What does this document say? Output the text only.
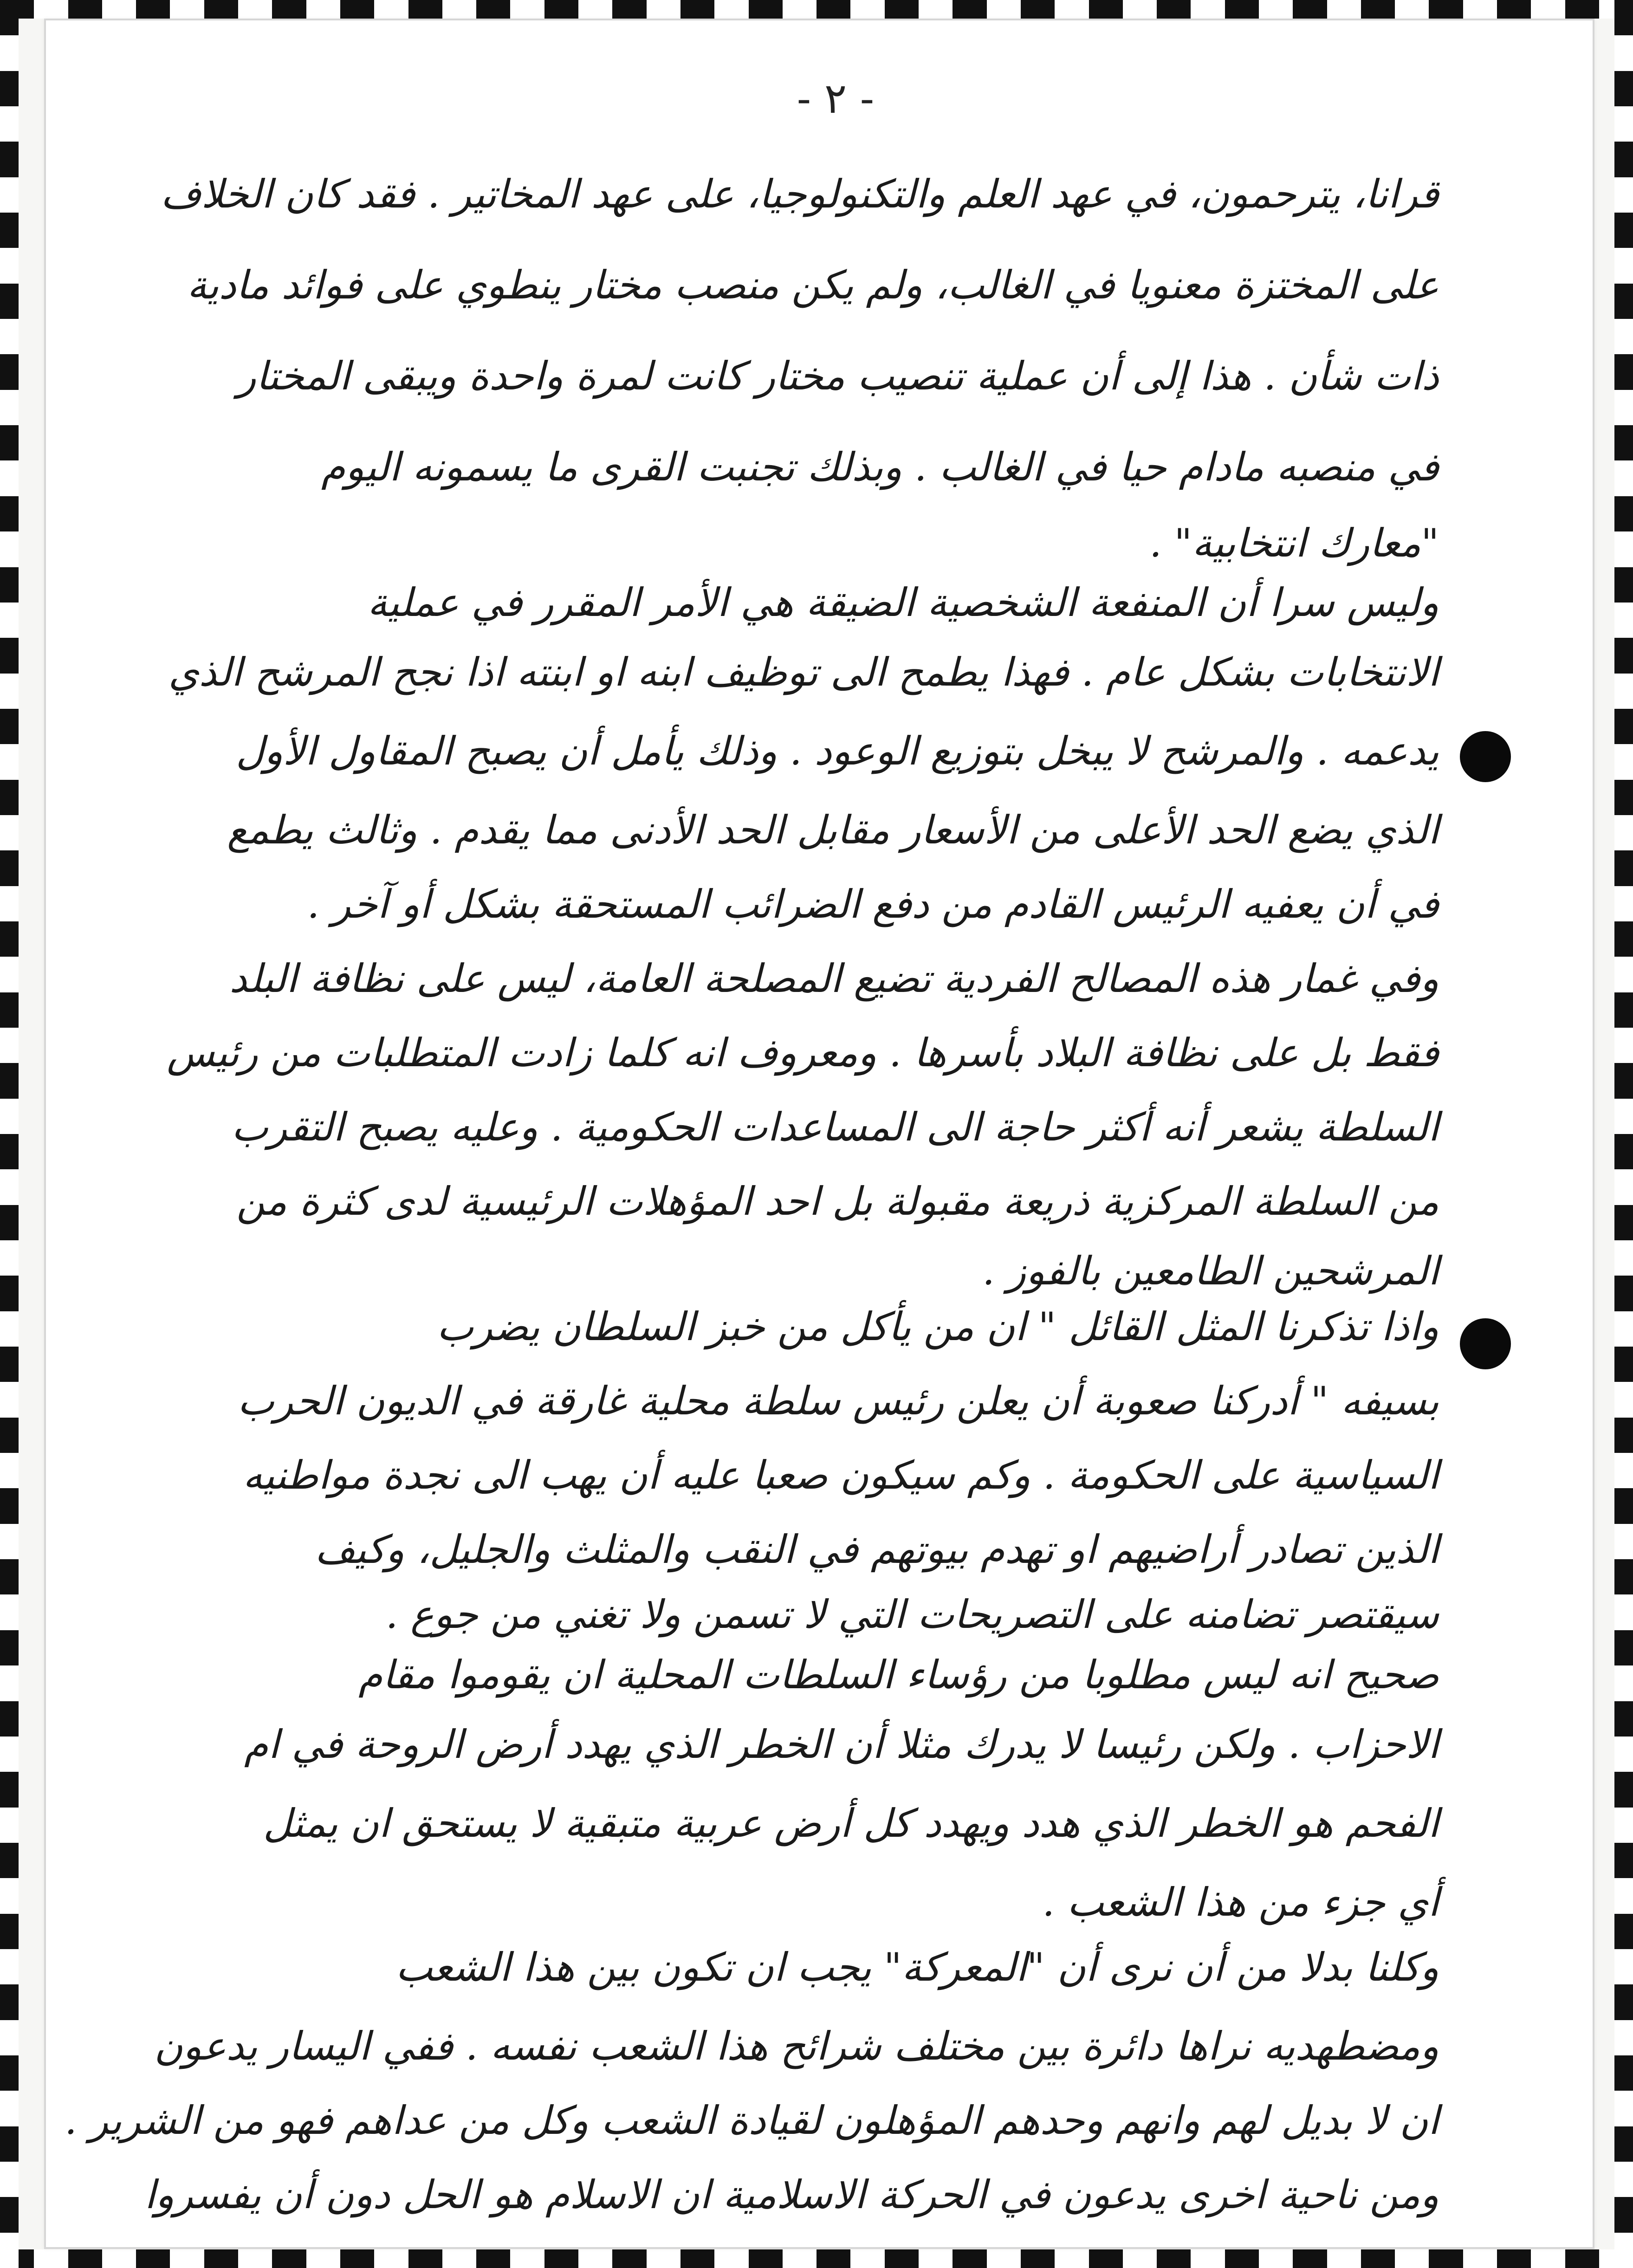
- ٢ -
قرانا، يترحمون، في عهد العلم والتكنولوجيا، على عهد المخاتير . فقد كان الخلاف
على المختزة معنويا في الغالب، ولم يكن منصب مختار ينطوي على فوائد مادية
ذات شأن . هذا إلى أن عملية تنصيب مختار كانت لمرة واحدة ويبقى المختار
في منصبه مادام حيا في الغالب . وبذلك تجنبت القرى ما يسمونه اليوم
"معارك انتخابية" .
وليس سرا أن المنفعة الشخصية الضيقة هي الأمر المقرر في عملية
الانتخابات بشكل عام . فهذا يطمح الى توظيف ابنه او ابنته اذا نجح المرشح الذي
يدعمه . والمرشح لا يبخل بتوزيع الوعود . وذلك يأمل أن يصبح المقاول الأول
الذي يضع الحد الأعلى من الأسعار مقابل الحد الأدنى مما يقدم . وثالث يطمع
في أن يعفيه الرئيس القادم من دفع الضرائب المستحقة بشكل أو آخر .
وفي غمار هذه المصالح الفردية تضيع المصلحة العامة، ليس على نظافة البلد
فقط بل على نظافة البلاد بأسرها . ومعروف انه كلما زادت المتطلبات من رئيس
السلطة يشعر أنه أكثر حاجة الى المساعدات الحكومية . وعليه يصبح التقرب
من السلطة المركزية ذريعة مقبولة بل احد المؤهلات الرئيسية لدى كثرة من
المرشحين الطامعين بالفوز .
واذا تذكرنا المثل القائل " ان من يأكل من خبز السلطان يضرب
بسيفه " أدركنا صعوبة أن يعلن رئيس سلطة محلية غارقة في الديون الحرب
السياسية على الحكومة . وكم سيكون صعبا عليه أن يهب الى نجدة مواطنيه
الذين تصادر أراضيهم او تهدم بيوتهم في النقب والمثلث والجليل، وكيف
سيقتصر تضامنه على التصريحات التي لا تسمن ولا تغني من جوع .
صحيح انه ليس مطلوبا من رؤساء السلطات المحلية ان يقوموا مقام
الاحزاب . ولكن رئيسا لا يدرك مثلا أن الخطر الذي يهدد أرض الروحة في ام
الفحم هو الخطر الذي هدد ويهدد كل أرض عربية متبقية لا يستحق ان يمثل
أي جزء من هذا الشعب .
وكلنا بدلا من أن نرى أن "المعركة" يجب ان تكون بين هذا الشعب
ومضطهديه نراها دائرة بين مختلف شرائح هذا الشعب نفسه . ففي اليسار يدعون
ان لا بديل لهم وانهم وحدهم المؤهلون لقيادة الشعب وكل من عداهم فهو من الشرير .
ومن ناحية اخرى يدعون في الحركة الاسلامية ان الاسلام هو الحل دون أن يفسروا
